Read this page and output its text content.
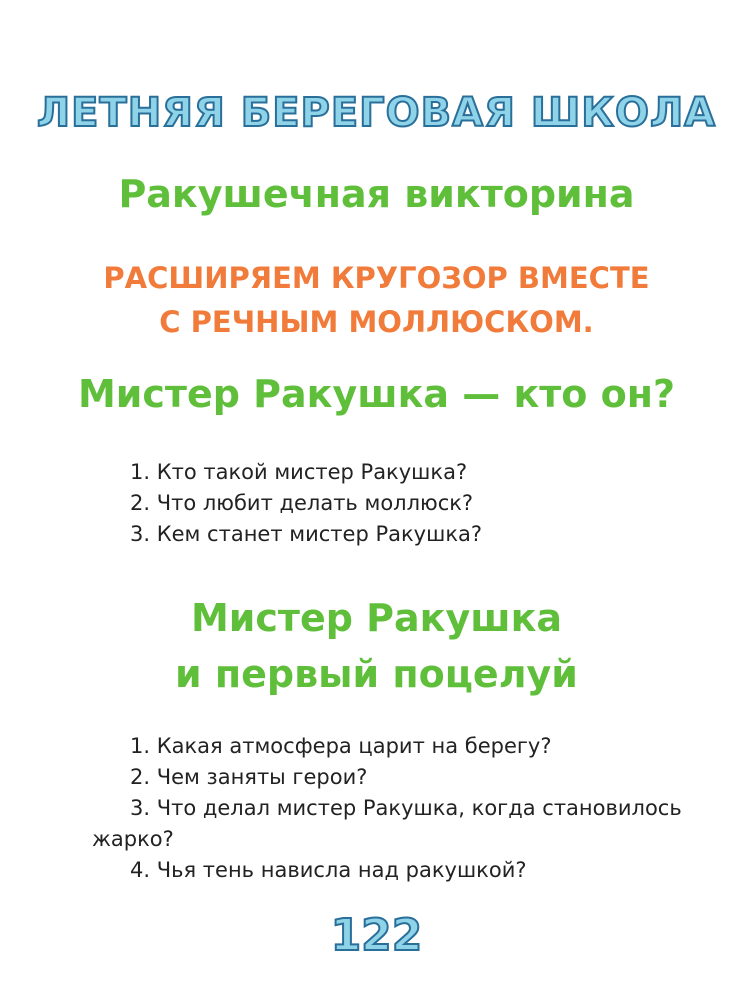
ЛЕТНЯЯ БЕРЕГОВАЯ ШКОЛА
Ракушечная викторина
РАСШИРЯЕМ КРУГОЗОР ВМЕСТЕ С РЕЧНЫМ МОЛЛЮСКОМ.
Мистер Ракушка — кто он?

1. Кто такой мистер Ракушка?

2. Что любит делать моллюск?

3. Кем станет мистер Ракушка?

Мистер Ракушка
и первый поцелуй

1. Какая атмосфера царит на берегу?

2. Чем заняты герои?

3. Что делал мистер Ракушка, когда становилось жарко?

4. Чья тень нависла над ракушкой?

122
